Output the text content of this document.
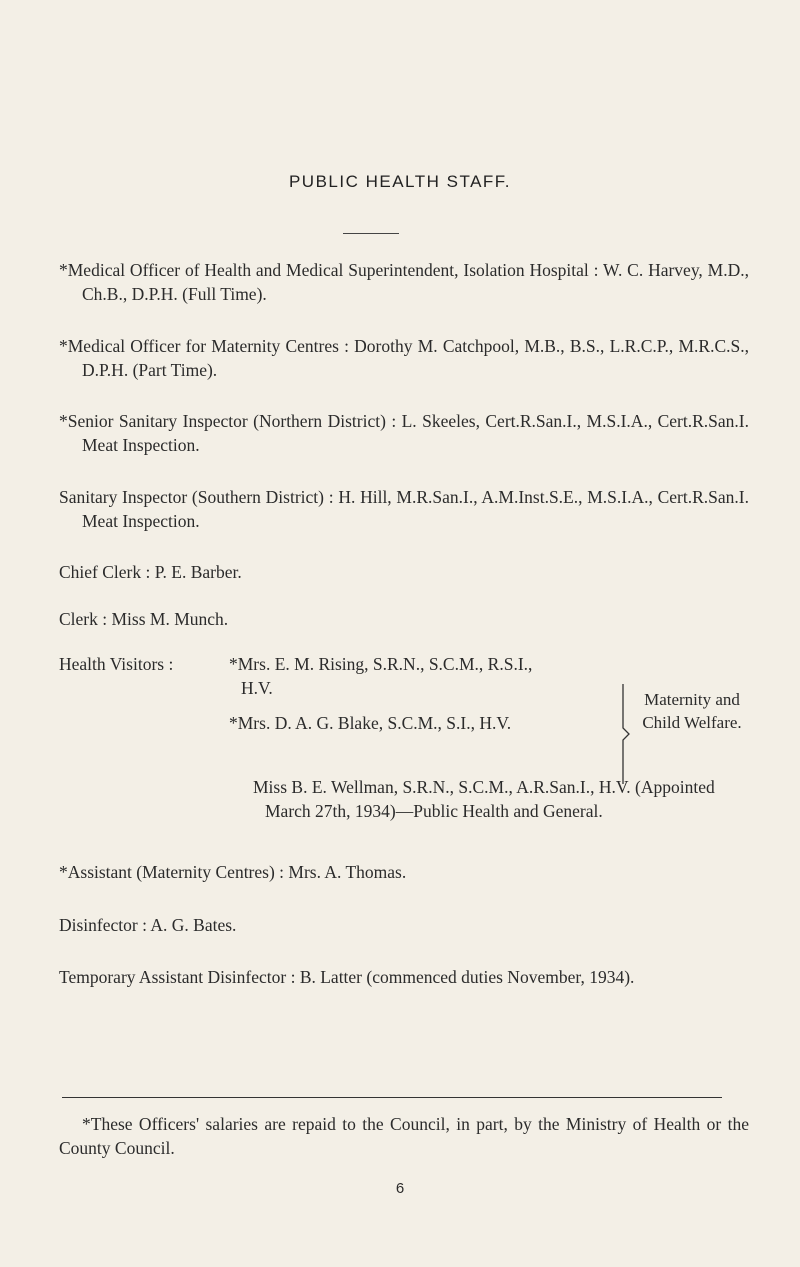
PUBLIC HEALTH STAFF.
*Medical Officer of Health and Medical Superintendent, Isolation Hospital : W. C. Harvey, M.D., Ch.B., D.P.H. (Full Time).
*Medical Officer for Maternity Centres : Dorothy M. Catchpool, M.B., B.S., L.R.C.P., M.R.C.S., D.P.H. (Part Time).
*Senior Sanitary Inspector (Northern District) : L. Skeeles, Cert.R.San.I., M.S.I.A., Cert.R.San.I. Meat Inspection.
Sanitary Inspector (Southern District) : H. Hill, M.R.San.I., A.M.Inst.S.E., M.S.I.A., Cert.R.San.I. Meat Inspection.
Chief Clerk : P. E. Barber.
Clerk : Miss M. Munch.
Health Visitors :	*Mrs. E. M. Rising, S.R.N., S.C.M., R.S.I., H.V.
*Mrs. D. A. G. Blake, S.C.M., S.I., H.V.
Maternity and Child Welfare.
Miss B. E. Wellman, S.R.N., S.C.M., A.R.San.I., H.V. (Appointed March 27th, 1934)—Public Health and General.
*Assistant (Maternity Centres) : Mrs. A. Thomas.
Disinfector : A. G. Bates.
Temporary Assistant Disinfector : B. Latter (commenced duties November, 1934).
*These Officers' salaries are repaid to the Council, in part, by the Ministry of Health or the County Council.
6
